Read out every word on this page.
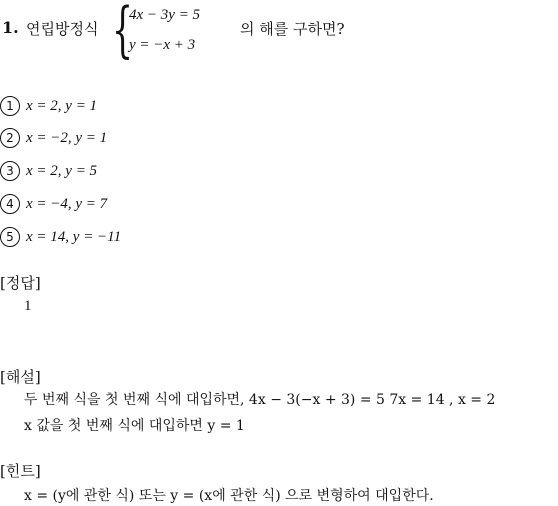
1. 연립방정식 {
4x − 3y = 5
y = −x + 3
의 해를 구하면?
1 x = 2, y = 1
2 x = −2, y = 1
3 x = 2, y = 5
4 x = −4, y = 7
5 x = 14, y = −11
[정답]
1
[해설]
두 번째 식을 첫 번째 식에 대입하면, 4x − 3(−x + 3) = 5 7x = 14 , x = 2
x 값을 첫 번째 식에 대입하면 y = 1
[힌트]
x = (y에 관한 식) 또는 y = (x에 관한 식) 으로 변형하여 대입한다.
